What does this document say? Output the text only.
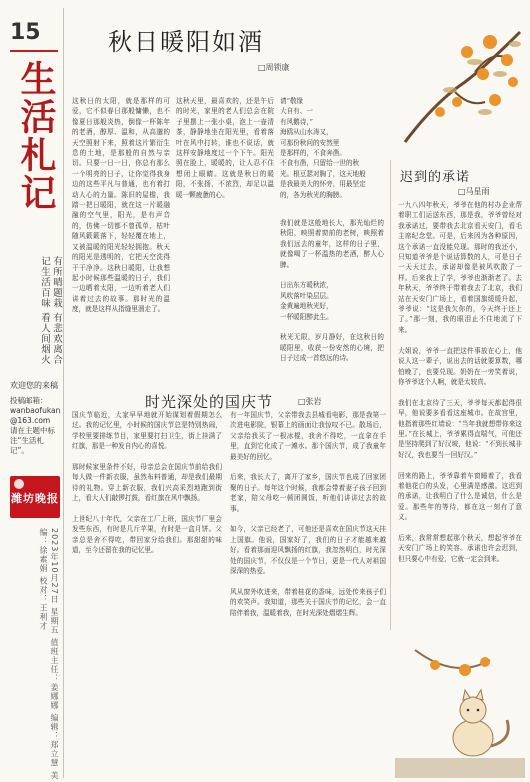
15
生活札记
有所晴题栽 有悲欢离合 记生活百味 看人间烟火
欢迎您的来稿
投稿邮箱：
wanbaofukan@163.com
请在主题中标注“生活札记”。
潍坊晚报
2023年10月27日 星期五 值班主任：姜娜娜 编辑：郑立慧 美编：徐素娟 校对：王利才
秋日暖阳如酒
□周锁康
这秋日的太阳，就是那样的可爱，它不似春日那般慵懒，也不像夏日那般炎热，倒像一杯陈年的老酒，醇厚、温和，从高邈的天空照射下来，照着这片繁衍生息的土地，是那般的自然与亲切。只要一日一日，你总有那么一个明亮的日子，让你觉得我身边的这些平凡与普通，也有着打动人心的力量。陈旧的屋檐，我踏一把日暖阳，就在这一片暖融融的空气里，阳光，是有声音的，仿佛一切都不曾孤单，枯叶随风簌簌落下，轻轻覆在地上，又被温暖的阳光轻轻拥抱。秋天的阳光是透明的，它把天空洗得干干净净。这秋日暖阳，让我想起小时候那些温暖的日子，我们一边晒着太阳，一边听着老人们讲着过去的故事。那时光的温度，就是这样从指缝里溜走了。
这秋天里，最喜欢的，还是午后的时光，家里的老人们总会在院子里摆上一张小桌，泡上一壶清茶，静静地坐在阳光里，看着落叶在风中打转，谁也不说话，就这样安静地度过一个下午。阳光照在脸上，暖暖的，让人忍不住想闭上眼睛。这就是秋日的暖阳，不张扬，不浓烈，却足以温暖一颗疲惫的心。
请“敬缘
大自有、一
有风鹅诗，”
海鸥从山水涛又，
可那份秋问的安然里
是那样的，不食奔凿。
不食有凿，只留给一世的秋
光。根豆瑟对胸了，这天地般
是我最美大的怀旁，用最坚定
的，各为秋光的胸膀。
我们就是这般地长大，那光灿烂的秋阳，映照着窗前的老树，映照着我们远去的童年，这样的日子里，就像喝了一杯温热的老酒，醉人心脾。

日出东方暖秋浓，
风吹落叶染层层。
金黄遍地秋光好，
一杯暖阳醉此生。

秋光无限，岁月静好，在这秋日的暖阳里，收获一份安然的心境，把日子过成一首悠远的诗。
迟到的承诺
□马星雨
一九八四年秋天，爷爷在他的村办企业帮着职工们运送东西，那是我，爷爷曾经对我承诺过，要带我去北京看天安门，看毛主席纪念堂。可是，后来因为各种原因，这个承诺一直没能兑现。那时的我还小，只知道爷爷是个说话算数的人，可是日子一天天过去，承诺却像是被风吹散了一样。后来我上了学，爷爷也渐渐老了。去年秋天，爷爷终于带着我去了北京，我们站在天安门广场上，看着国旗缓缓升起，爷爷说：“这是我欠你的，今天终于还上了。”那一刻，我的眼泪止不住地流了下来。

大姐说，爷爷一直把这件事放在心上，他说人这一辈子，说出去的话就要算数，哪怕晚了，也要兑现。奶奶在一旁笑着说，你爷爷这个人啊，就是太较真。

我们在北京待了三天，爷爷每天都起得很早，他说要多看看这座城市。在故宫里，他指着那些红墙说：“当年我就想带你来这里。”在长城上，爷爷累得直喘气，可他还是坚持爬到了好汉坡，他说：“不到长城非好汉，我也要当一回好汉。”

回来的路上，爷爷靠着车窗睡着了，我看着他花白的头发，心里满是感激。这迟到的承诺，让我明白了什么是诚信，什么是爱。那些年的等待，都在这一刻有了意义。

后来，我常常想起那个秋天，想起爷爷在天安门广场上的笑容。承诺也许会迟到，但只要心中有爱，它就一定会到来。
时光深处的国庆节	□张岩
国庆节临近，大家早早地就开始谋划着假期怎么过。我的记忆里，小时候的国庆节总是特别热闹，学校里要排练节目，家里要打扫卫生，街上挂满了红旗，那是一种发自内心的喜悦。

那时候家里条件不好，母亲总会在国庆节前给我们每人做一件新衣服，虽然布料普通，却是我们最期待的礼物。穿上新衣服，我们兴高采烈地跑到街上，看大人们敲锣打鼓，看红旗在风中飘扬。

上世纪八十年代，父亲在工厂上班，国庆节厂里会发些东西，有时是几斤苹果，有时是一盒月饼。父亲总是舍不得吃，带回家分给我们。那甜甜的味道，至今还留在我的记忆里。
有一年国庆节，父亲带我去县城看电影，那是我第一次进电影院，银幕上的画面让我惊叹不已。散场后，父亲给我买了一根冰棍，我舍不得吃，一直拿在手里，直到它化成了一滩水。那个国庆节，成了我童年最美好的回忆。

后来，我长大了，离开了家乡，国庆节也成了回家团聚的日子。每年这个时候，我都会带着妻子孩子回到老家，陪父母吃一顿团圆饭，听他们讲讲过去的故事。

如今，父亲已经老了，可他还是喜欢在国庆节这天挂上国旗。他说，国家好了，我们的日子才能越来越好。看着那面迎风飘扬的红旗，我忽然明白，时光深处的国庆节，不仅仅是一个节日，更是一代人对祖国深深的热爱。

风从窗外吹进来，带着桂花的香味，远处传来孩子们的欢笑声。我知道，那些关于国庆节的记忆，会一直陪伴着我，温暖着我，在时光深处熠熠生辉。
